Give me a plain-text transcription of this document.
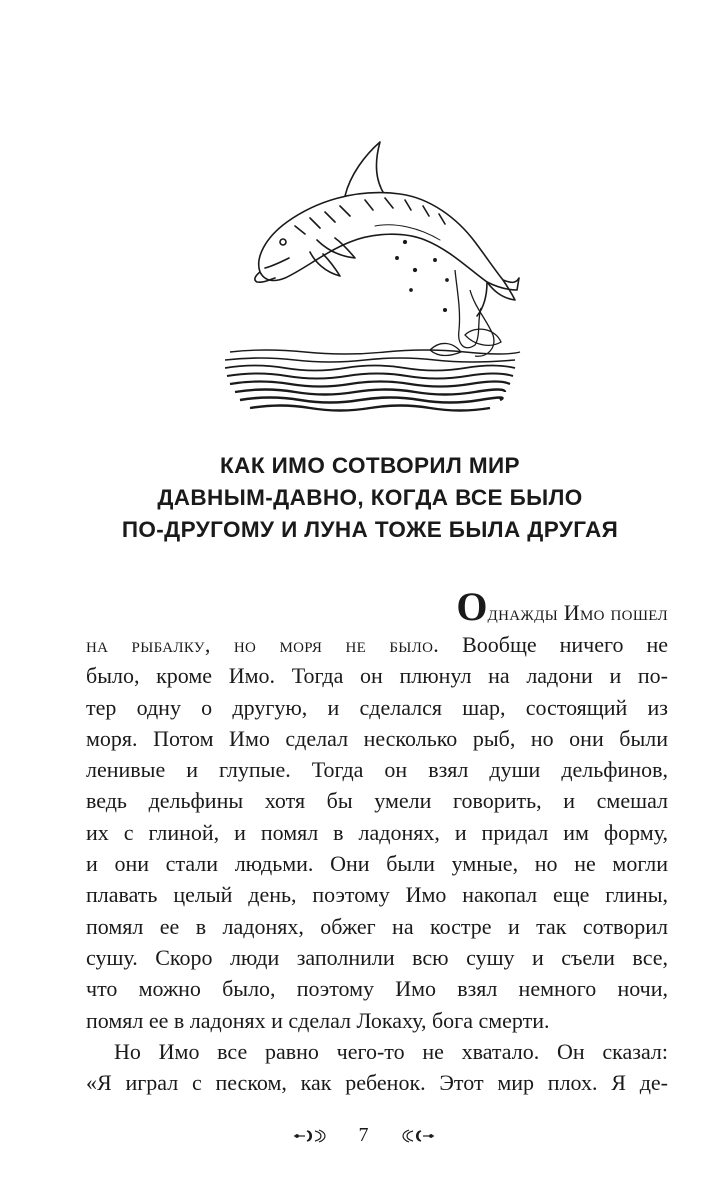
КАК ИМО СОТВОРИЛ МИР
ДАВНЫМ-ДАВНО, КОГДА ВСЕ БЫЛО
ПО-ДРУГОМУ И ЛУНА ТОЖЕ БЫЛА ДРУГАЯ
Однажды Имо пошел
на рыбалку, но моря не было. Вообще ничего не
было, кроме Имо. Тогда он плюнул на ладони и по-
тер одну о другую, и сделался шар, состоящий из
моря. Потом Имо сделал несколько рыб, но они были
ленивые и глупые. Тогда он взял души дельфинов,
ведь дельфины хотя бы умели говорить, и смешал
их с глиной, и помял в ладонях, и придал им форму,
и они стали людьми. Они были умные, но не могли
плавать целый день, поэтому Имо накопал еще глины,
помял ее в ладонях, обжег на костре и так сотворил
сушу. Скоро люди заполнили всю сушу и съели все,
что можно было, поэтому Имо взял немного ночи,
помял ее в ладонях и сделал Локаху, бога смерти.
Но Имо все равно чего-то не хватало. Он сказал:
«Я играл с песком, как ребенок. Этот мир плох. Я де-
7
